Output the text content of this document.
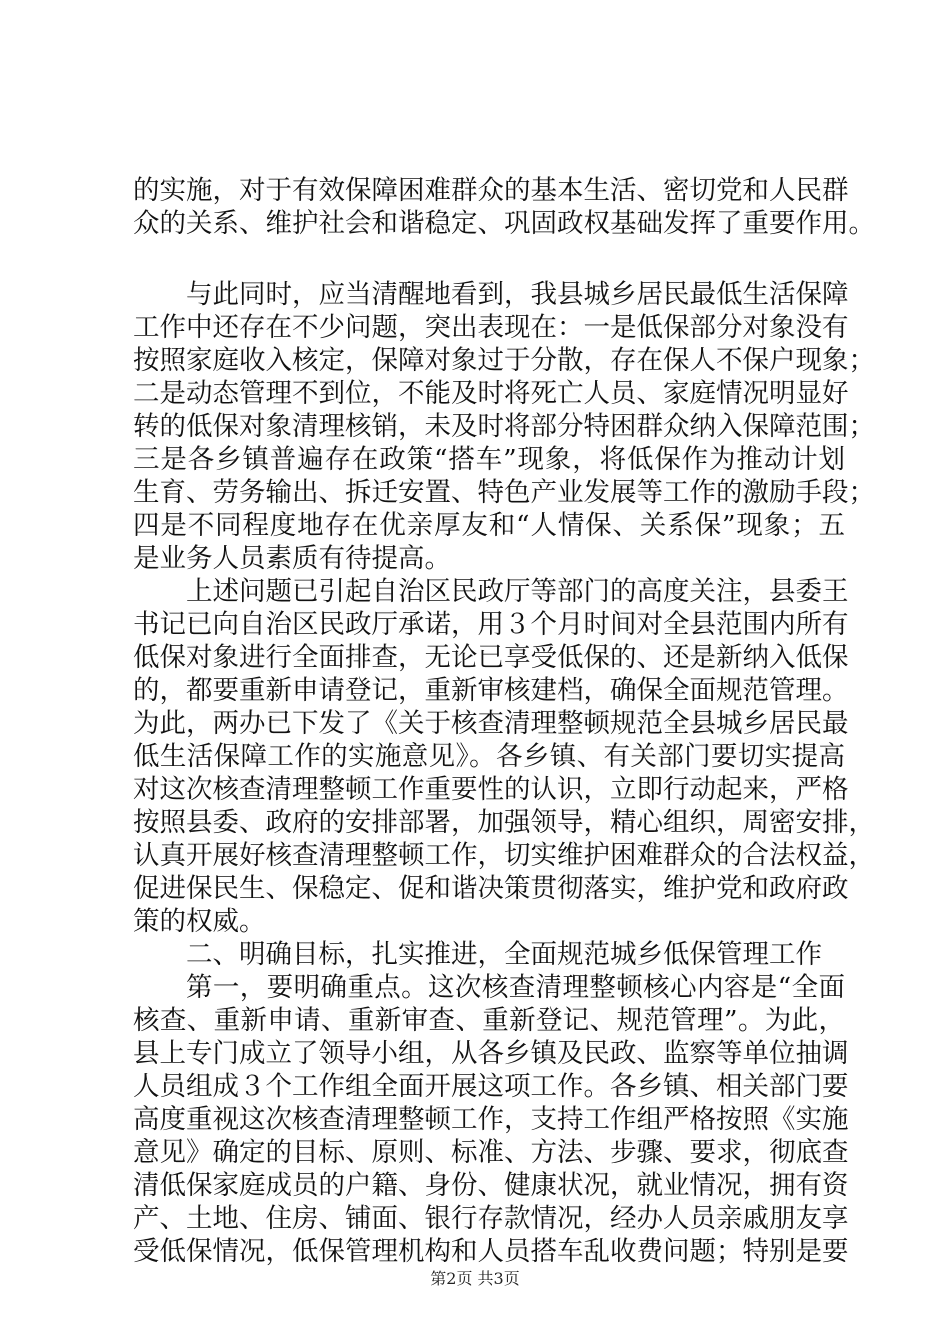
的实施，对于有效保障困难群众的基本生活、密切党和人民群
众的关系、维护社会和谐稳定、巩固政权基础发挥了重要作用。
与此同时，应当清醒地看到，我县城乡居民最低生活保障
工作中还存在不少问题，突出表现在：一是低保部分对象没有
按照家庭收入核定，保障对象过于分散，存在保人不保户现象；
二是动态管理不到位，不能及时将死亡人员、家庭情况明显好
转的低保对象清理核销，未及时将部分特困群众纳入保障范围；
三是各乡镇普遍存在政策“搭车”现象，将低保作为推动计划
生育、劳务输出、拆迁安置、特色产业发展等工作的激励手段；
四是不同程度地存在优亲厚友和“人情保、关系保”现象；五
是业务人员素质有待提高。
上述问题已引起自治区民政厅等部门的高度关注，县委王
书记已向自治区民政厅承诺，用３个月时间对全县范围内所有
低保对象进行全面排查，无论已享受低保的、还是新纳入低保
的，都要重新申请登记，重新审核建档，确保全面规范管理。
为此，两办已下发了《关于核查清理整顿规范全县城乡居民最
低生活保障工作的实施意见》。各乡镇、有关部门要切实提高
对这次核查清理整顿工作重要性的认识，立即行动起来，严格
按照县委、政府的安排部署，加强领导，精心组织，周密安排，
认真开展好核查清理整顿工作，切实维护困难群众的合法权益，
促进保民生、保稳定、促和谐决策贯彻落实，维护党和政府政
策的权威。
二、明确目标，扎实推进，全面规范城乡低保管理工作
第一，要明确重点。这次核查清理整顿核心内容是“全面
核查、重新申请、重新审查、重新登记、规范管理”。为此，
县上专门成立了领导小组，从各乡镇及民政、监察等单位抽调
人员组成３个工作组全面开展这项工作。各乡镇、相关部门要
高度重视这次核查清理整顿工作，支持工作组严格按照《实施
意见》确定的目标、原则、标准、方法、步骤、要求，彻底查
清低保家庭成员的户籍、身份、健康状况，就业情况，拥有资
产、土地、住房、铺面、银行存款情况，经办人员亲戚朋友享
受低保情况，低保管理机构和人员搭车乱收费问题；特别是要
第2页 共3页
